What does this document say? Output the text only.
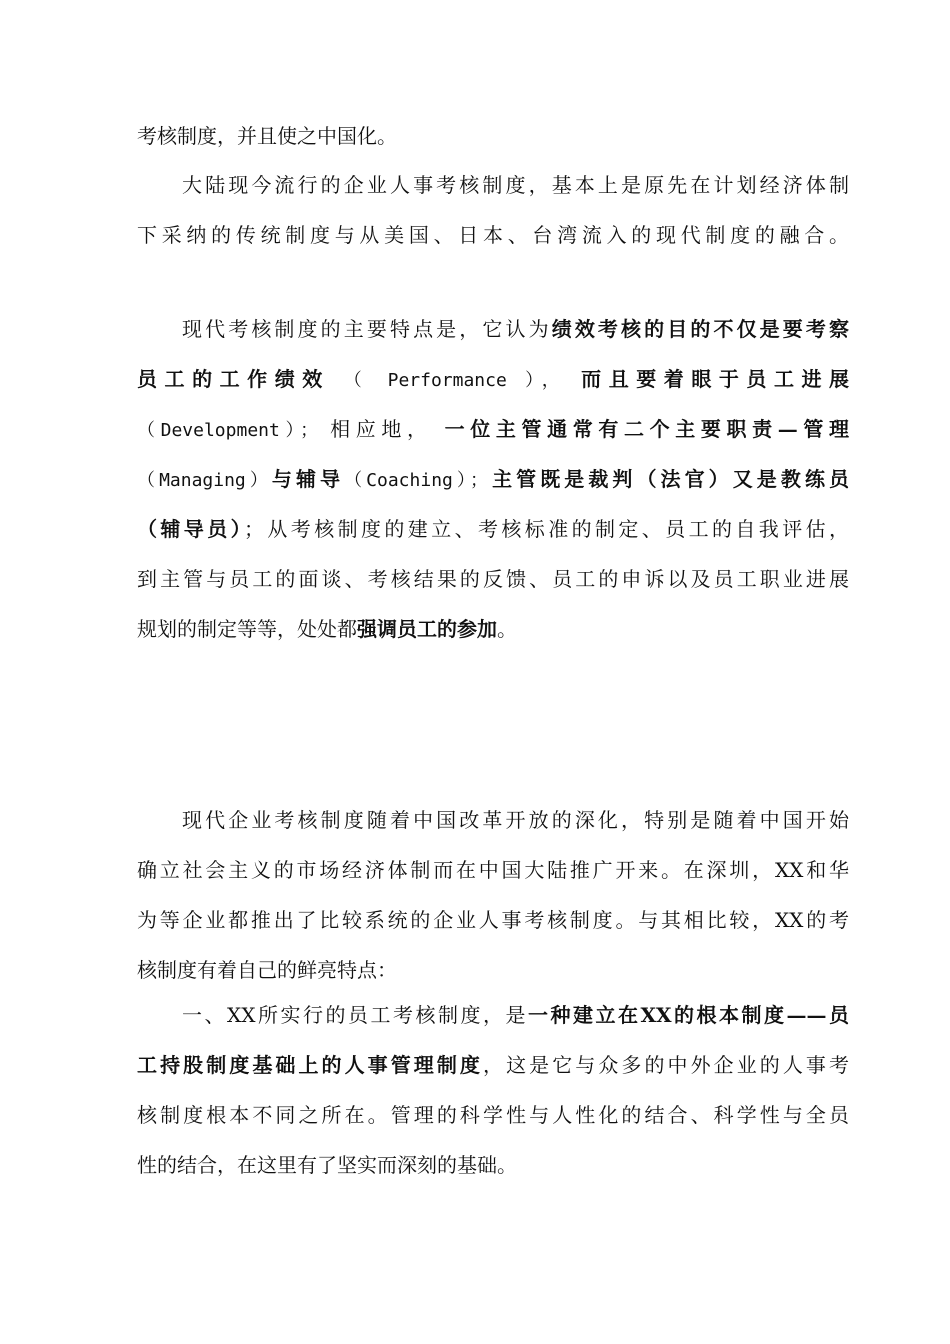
考核制度，并且使之中国化。
大陆现今流行的企业人事考核制度，基本上是原先在计划经济体制
下采纳的传统制度与从美国、日本、台湾流入的现代制度的融合。
现代考核制度的主要特点是，它认为绩效考核的目的不仅是要考察
员工的工作绩效 （ Performance ）， 而且要着眼于员工进展
（Development）； 相应地， 一位主管通常有二个主要职责—管理
（Managing）与辅导（Coaching）；主管既是裁判（法官）又是教练员
（辅导员）；从考核制度的建立、考核标准的制定、员工的自我评估，
到主管与员工的面谈、考核结果的反馈、员工的申诉以及员工职业进展
规划的制定等等，处处都强调员工的参加。
现代企业考核制度随着中国改革开放的深化，特别是随着中国开始
确立社会主义的市场经济体制而在中国大陆推广开来。在深圳，XX和华
为等企业都推出了比较系统的企业人事考核制度。与其相比较，XX的考
核制度有着自己的鲜亮特点：
一、XX所实行的员工考核制度，是一种建立在XX的根本制度——员
工持股制度基础上的人事管理制度，这是它与众多的中外企业的人事考
核制度根本不同之所在。管理的科学性与人性化的结合、科学性与全员
性的结合，在这里有了坚实而深刻的基础。
